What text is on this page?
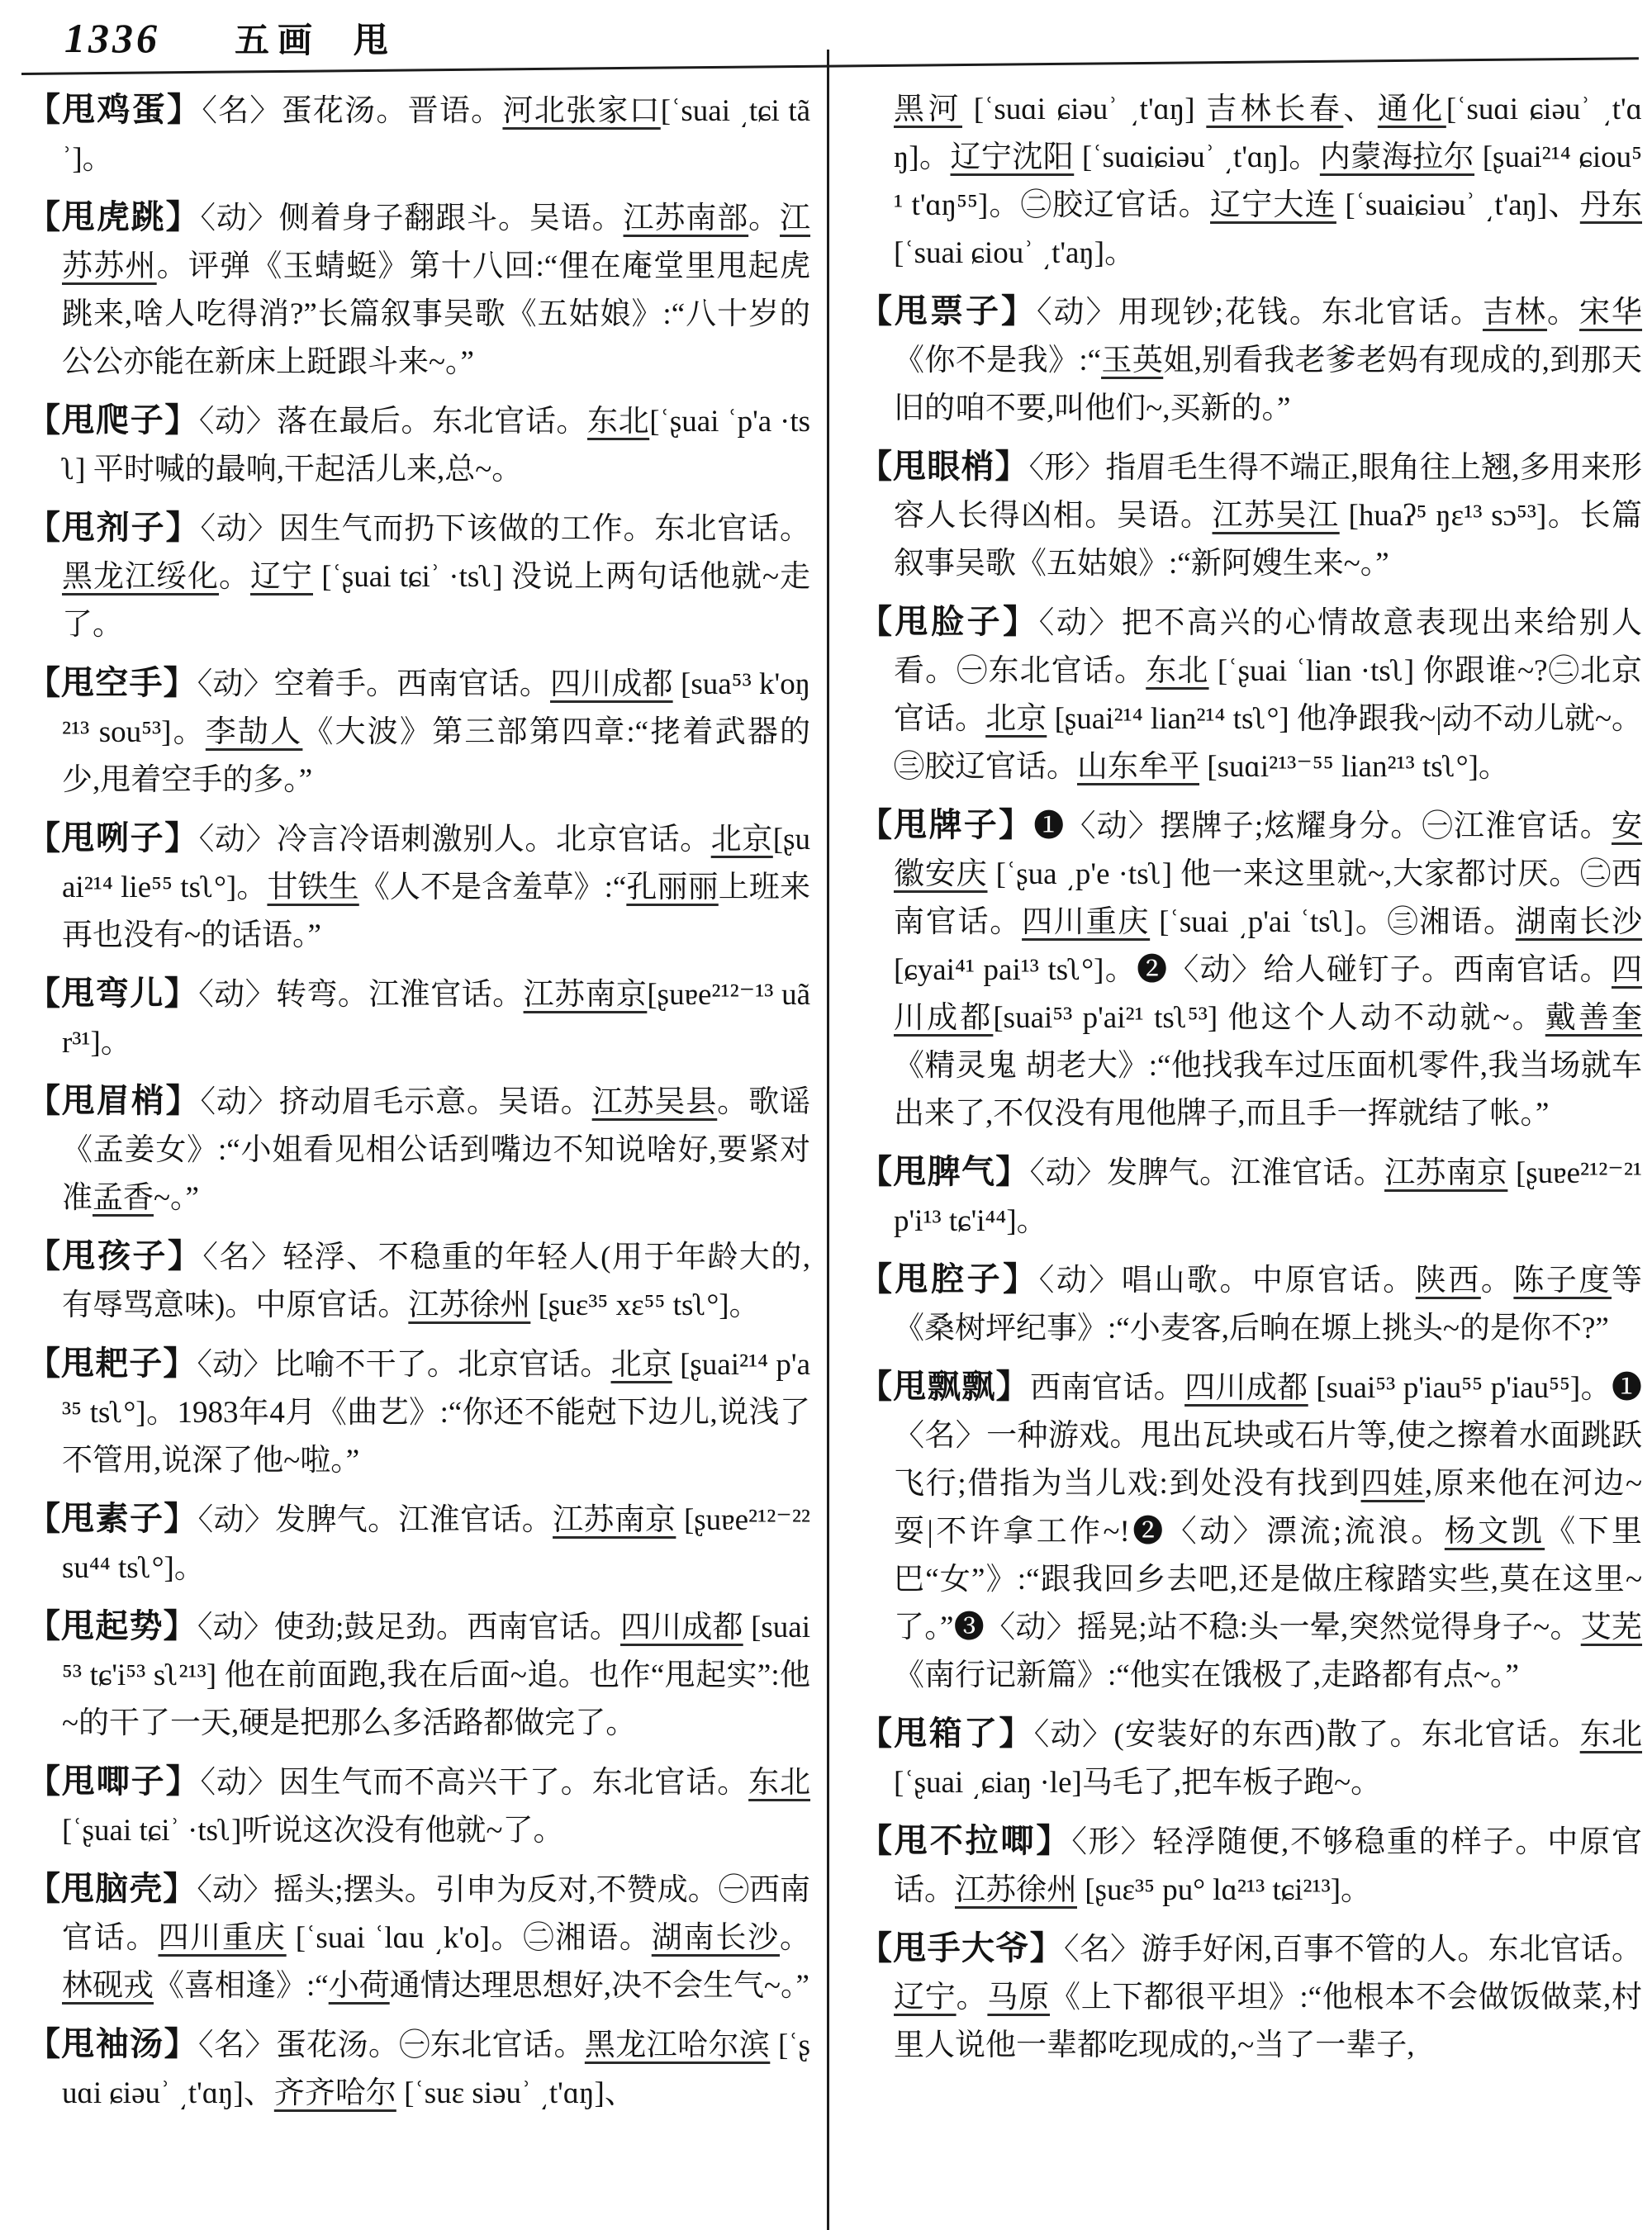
1336 五画 甩
【甩鸡蛋】〈名〉蛋花汤。晋语。河北张家口[ʿsuai ͵tɕi tãʾ]。
【甩虎跳】〈动〉侧着身子翻跟斗。吴语。江苏南部。江苏苏州。评弹《玉蜻蜓》第十八回:“俚在庵堂里甩起虎跳来,啥人吃得消?”长篇叙事吴歌《五姑娘》:“八十岁的公公亦能在新床上跹跟斗来~。”
【甩爬子】〈动〉落在最后。东北官话。东北[ʿʂuai ʿp'a ·tsʅ] 平时喊的最响,干起活儿来,总~。
【甩剂子】〈动〉因生气而扔下该做的工作。东北官话。黑龙江绥化。辽宁 [ʿʂuai tɕiʾ ·tsʅ] 没说上两句话他就~走了。
【甩空手】〈动〉空着手。西南官话。四川成都 [sua⁵³ k'oŋ²¹³ sou⁵³]。李劼人《大波》第三部第四章:“㧯着武器的少,甩着空手的多。”
【甩咧子】〈动〉冷言冷语刺激别人。北京官话。北京[ʂuai²¹⁴ lie⁵⁵ tsʅ°]。甘铁生《人不是含羞草》:“孔丽丽上班来再也没有~的话语。”
【甩弯儿】〈动〉转弯。江淮官话。江苏南京[ʂuɐe²¹²⁻¹³ uãr³¹]。
【甩眉梢】〈动〉挤动眉毛示意。吴语。江苏吴县。歌谣《孟姜女》:“小姐看见相公话到嘴边不知说啥好,要紧对准孟香~。”
【甩孩子】〈名〉轻浮、不稳重的年轻人(用于年龄大的,有辱骂意味)。中原官话。江苏徐州 [ʂuɛ³⁵ xɛ⁵⁵ tsʅ°]。
【甩耙子】〈动〉比喻不干了。北京官话。北京 [ʂuai²¹⁴ p'a³⁵ tsʅ°]。1983年4月《曲艺》:“你还不能尅下边儿,说浅了不管用,说深了他~啦。”
【甩素子】〈动〉发脾气。江淮官话。江苏南京 [ʂuɐe²¹²⁻²² su⁴⁴ tsʅ°]。
【甩起势】〈动〉使劲;鼓足劲。西南官话。四川成都 [suai⁵³ tɕ'i⁵³ sʅ²¹³] 他在前面跑,我在后面~追。也作“甩起实”:他~的干了一天,硬是把那么多活路都做完了。
【甩唧子】〈动〉因生气而不高兴干了。东北官话。东北 [ʿʂuai tɕiʾ ·tsʅ]听说这次没有他就~了。
【甩脑壳】〈动〉摇头;摆头。引申为反对,不赞成。㊀西南官话。四川重庆 [ʿsuai ʿlɑu ͵k'o]。㊁湘语。湖南长沙。林砚戎《喜相逢》:“小荷通情达理思想好,决不会生气~。”
【甩袖汤】〈名〉蛋花汤。㊀东北官话。黑龙江哈尔滨 [ʿʂuɑi ɕiəuʾ ͵t'ɑŋ]、齐齐哈尔 [ʿsuɛ siəuʾ ͵t'ɑŋ]、
黑河 [ʿsuɑi ɕiəuʾ ͵t'ɑŋ] 吉林长春、通化[ʿsuɑi ɕiəuʾ ͵t'ɑŋ]。辽宁沈阳 [ʿsuɑiɕiəuʾ ͵t'ɑŋ]。内蒙海拉尔 [ʂuai²¹⁴ ɕiou⁵¹ t'ɑŋ⁵⁵]。㊁胶辽官话。辽宁大连 [ʿsuaiɕiəuʾ ͵t'aŋ]、丹东[ʿsuai ɕiouʾ ͵t'aŋ]。
【甩票子】〈动〉用现钞;花钱。东北官话。吉林。宋华《你不是我》:“玉英姐,别看我老爹老妈有现成的,到那天旧的咱不要,叫他们~,买新的。”
【甩眼梢】〈形〉指眉毛生得不端正,眼角往上翘,多用来形容人长得凶相。吴语。江苏吴江 [huaʔ⁵ ŋɛ¹³ sɔ⁵³]。长篇叙事吴歌《五姑娘》:“新阿嫂生来~。”
【甩脸子】〈动〉把不高兴的心情故意表现出来给别人看。㊀东北官话。东北 [ʿʂuai ʿlian ·tsʅ] 你跟谁~?㊁北京官话。北京 [ʂuai²¹⁴ lian²¹⁴ tsʅ°] 他净跟我~|动不动儿就~。㊂胶辽官话。山东牟平 [suɑi²¹³⁻⁵⁵ lian²¹³ tsʅ°]。
【甩牌子】❶〈动〉摆牌子;炫耀身分。㊀江淮官话。安徽安庆 [ʿʂua ͵p'e ·tsʅ] 他一来这里就~,大家都讨厌。㊁西南官话。四川重庆 [ʿsuai ͵p'ai ʿtsʅ]。㊂湘语。湖南长沙 [ɕyai⁴¹ pai¹³ tsʅ°]。❷〈动〉给人碰钉子。西南官话。四川成都[suai⁵³ p'ai²¹ tsʅ⁵³] 他这个人动不动就~。戴善奎《精灵鬼 胡老大》:“他找我车过压面机零件,我当场就车出来了,不仅没有甩他牌子,而且手一挥就结了帐。”
【甩脾气】〈动〉发脾气。江淮官话。江苏南京 [ʂuɐe²¹²⁻²¹ p'i¹³ tɕ'i⁴⁴]。
【甩腔子】〈动〉唱山歌。中原官话。陕西。陈子度等《桑树坪纪事》:“小麦客,后晌在塬上挑头~的是你不?”
【甩飘飘】西南官话。四川成都 [suai⁵³ p'iau⁵⁵ p'iau⁵⁵]。❶〈名〉一种游戏。甩出瓦块或石片等,使之擦着水面跳跃飞行;借指为当儿戏:到处没有找到四娃,原来他在河边~耍|不许拿工作~!❷〈动〉漂流;流浪。杨文凯《下里巴“女”》:“跟我回乡去吧,还是做庄稼踏实些,莫在这里~了。”❸〈动〉摇晃;站不稳:头一晕,突然觉得身子~。艾芜《南行记新篇》:“他实在饿极了,走路都有点~。”
【甩箱了】〈动〉(安装好的东西)散了。东北官话。东北 [ʿʂuai ͵ɕiaŋ ·le]马毛了,把车板子跑~。
【甩不拉唧】〈形〉轻浮随便,不够稳重的样子。中原官话。江苏徐州 [ʂuɛ³⁵ pu° lɑ²¹³ tɕi²¹³]。
【甩手大爷】〈名〉游手好闲,百事不管的人。东北官话。辽宁。马原《上下都很平坦》:“他根本不会做饭做菜,村里人说他一辈都吃现成的,~当了一辈子,
